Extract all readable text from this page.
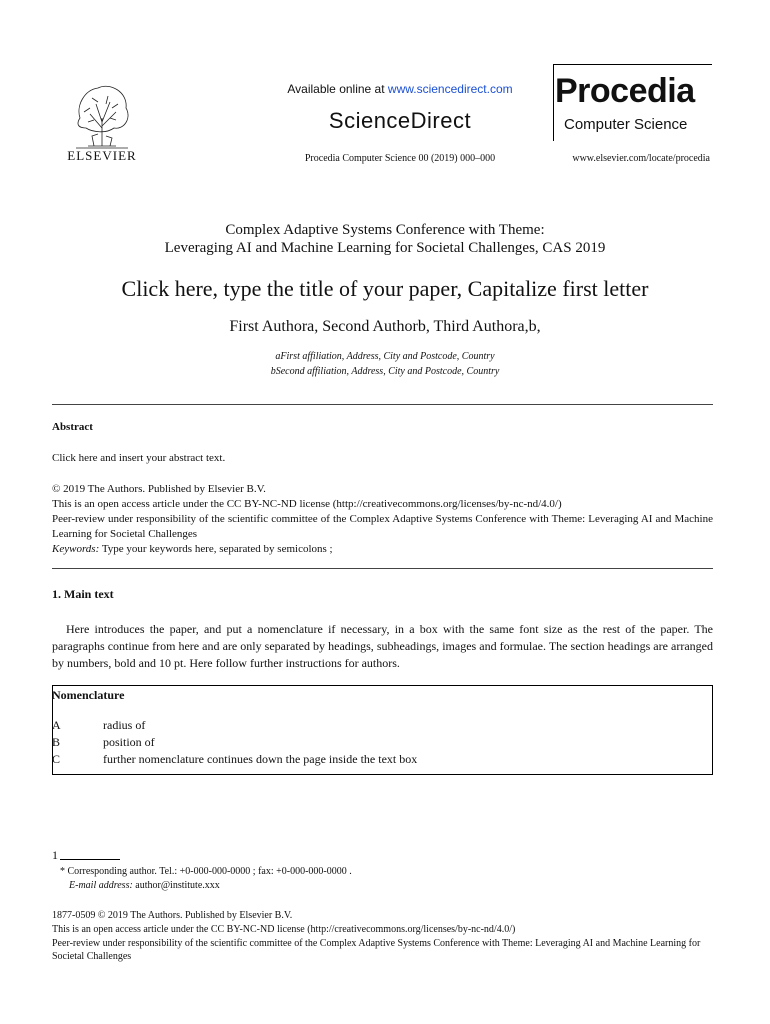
ELSEVIER
Available online at www.sciencedirect.com
ScienceDirect
Procedia Computer Science 00 (2019) 000–000
Procedia
Computer Science
www.elsevier.com/locate/procedia
Complex Adaptive Systems Conference with Theme:
Leveraging AI and Machine Learning for Societal Challenges, CAS 2019
Click here, type the title of your paper, Capitalize first letter
First Authora, Second Authorb, Third Authora,b,
aFirst affiliation, Address, City and Postcode, Country
bSecond affiliation, Address, City and Postcode, Country
Abstract
Click here and insert your abstract text.
© 2019 The Authors. Published by Elsevier B.V.
This is an open access article under the CC BY-NC-ND license (http://creativecommons.org/licenses/by-nc-nd/4.0/)
Peer-review under responsibility of the scientific committee of the Complex Adaptive Systems Conference with Theme: Leveraging AI and Machine Learning for Societal Challenges
Keywords: Type your keywords here, separated by semicolons ;
1. Main text
Here introduces the paper, and put a nomenclature if necessary, in a box with the same font size as the rest of the paper. The paragraphs continue from here and are only separated by headings, subheadings, images and formulae. The section headings are arranged by numbers, bold and 10 pt. Here follow further instructions for authors.
Nomenclature
A	radius of
B	position of
C	further nomenclature continues down the page inside the text box
1
* Corresponding author. Tel.: +0-000-000-0000 ; fax: +0-000-000-0000 .
E-mail address: author@institute.xxx
1877-0509 © 2019 The Authors. Published by Elsevier B.V.
This is an open access article under the CC BY-NC-ND license (http://creativecommons.org/licenses/by-nc-nd/4.0/)
Peer-review under responsibility of the scientific committee of the Complex Adaptive Systems Conference with Theme: Leveraging AI and Machine Learning for Societal Challenges
